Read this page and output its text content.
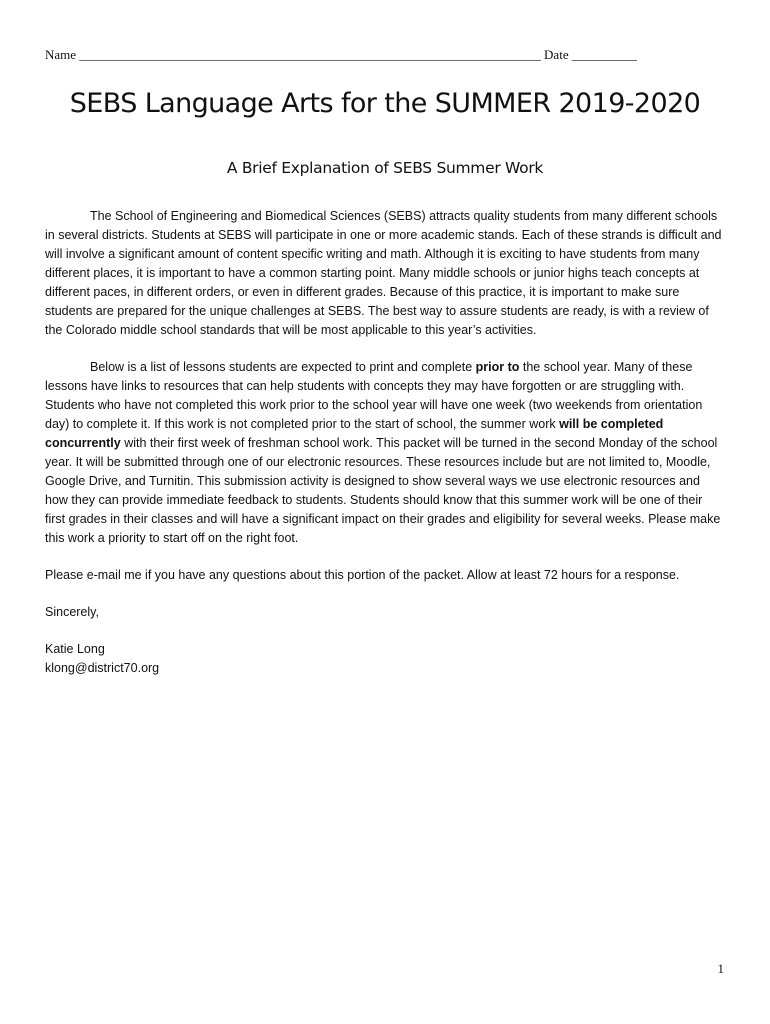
Name _______________________________________________________________________ Date __________
SEBS Language Arts for the SUMMER 2019-2020
A Brief Explanation of SEBS Summer Work

The School of Engineering and Biomedical Sciences (SEBS) attracts quality students from many different schools in several districts. Students at SEBS will participate in one or more academic stands. Each of these strands is difficult and will involve a significant amount of content specific writing and math. Although it is exciting to have students from many different places, it is important to have a common starting point. Many middle schools or junior highs teach concepts at different paces, in different orders, or even in different grades. Because of this practice, it is important to make sure students are prepared for the unique challenges at SEBS. The best way to assure students are ready, is with a review of the Colorado middle school standards that will be most applicable to this year’s activities.

Below is a list of lessons students are expected to print and complete prior to the school year. Many of these lessons have links to resources that can help students with concepts they may have forgotten or are struggling with. Students who have not completed this work prior to the school year will have one week (two weekends from orientation day) to complete it. If this work is not completed prior to the start of school, the summer work will be completed concurrently with their first week of freshman school work. This packet will be turned in the second Monday of the school year. It will be submitted through one of our electronic resources. These resources include but are not limited to, Moodle, Google Drive, and Turnitin. This submission activity is designed to show several ways we use electronic resources and how they can provide immediate feedback to students. Students should know that this summer work will be one of their first grades in their classes and will have a significant impact on their grades and eligibility for several weeks. Please make this work a priority to start off on the right foot.

Please e-mail me if you have any questions about this portion of the packet. Allow at least 72 hours for a response.

Sincerely,

Katie Long
klong@district70.org

1
